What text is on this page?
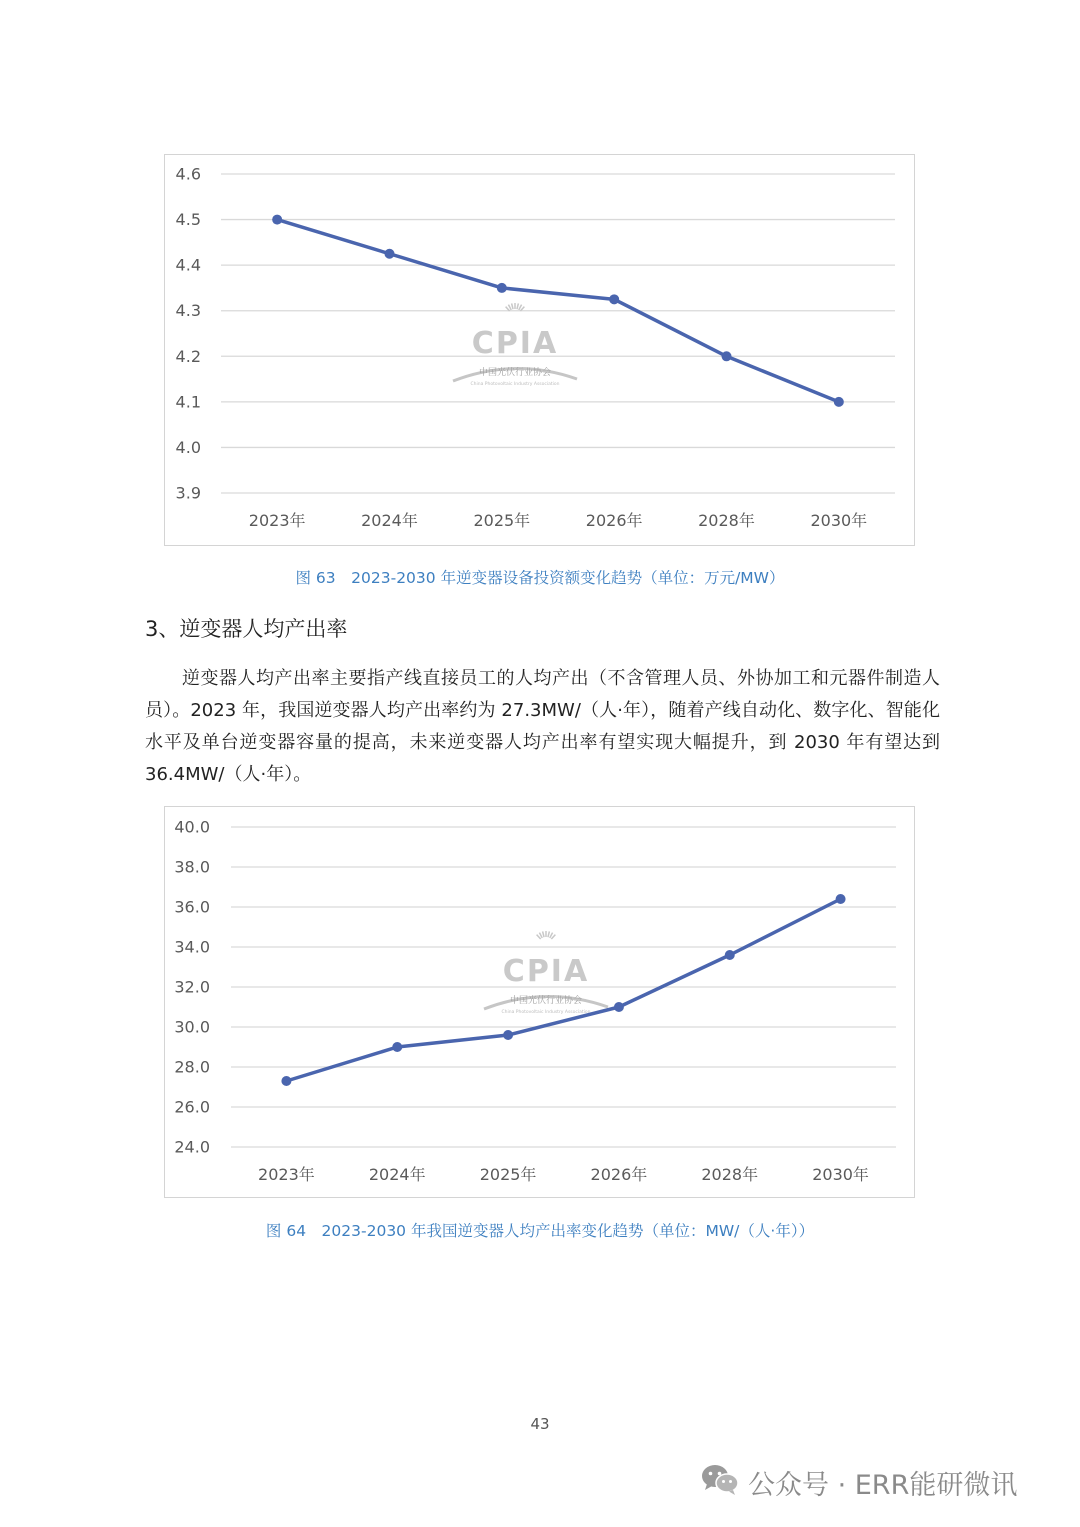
3.9
4.0
4.1
4.2
4.3
4.4
4.5
4.6
2023年	2024年	2025年	2026年	2028年	2030年
CPIA
中国光伏行业协会
China Photovoltaic Industry Association
图 63　2023-2030 年逆变器设备投资额变化趋势（单位：万元/MW）
3、逆变器人均产出率
逆变器人均产出率主要指产线直接员工的人均产出（不含管理人员、外协加工和元器件制造人员）。2023 年，我国逆变器人均产出率约为 27.3MW/（人·年），随着产线自动化、数字化、智能化水平及单台逆变器容量的提高，未来逆变器人均产出率有望实现大幅提升，到 2030 年有望达到 36.4MW/（人·年）。
24.0
26.0
28.0
30.0
32.0
34.0
36.0
38.0
40.0
2023年	2024年	2025年	2026年	2028年	2030年
CPIA
中国光伏行业协会
China Photovoltaic Industry Association
图 64　2023-2030 年我国逆变器人均产出率变化趋势（单位：MW/（人·年））
43
公众号 · ERR能研微讯
